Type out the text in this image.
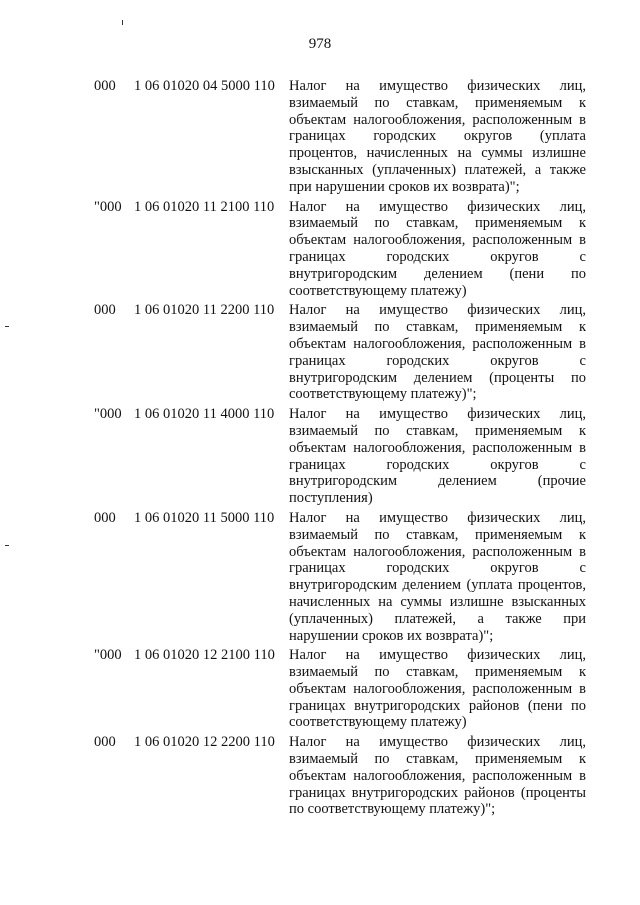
978
000 1 06 01020 04 5000 110 Налог на имущество физических лиц,
взимаемый по ставкам, применяемым к
объектам налогообложения, расположенным в
границах городских округов (уплата
процентов, начисленных на суммы излишне
взысканных (уплаченных) платежей, а также
при нарушении сроков их возврата)";
"000 1 06 01020 11 2100 110 Налог на имущество физических лиц,
взимаемый по ставкам, применяемым к
объектам налогообложения, расположенным в
границах городских округов с
внутригородским делением (пени по
соответствующему платежу)
000 1 06 01020 11 2200 110 Налог на имущество физических лиц,
взимаемый по ставкам, применяемым к
объектам налогообложения, расположенным в
границах городских округов с
внутригородским делением (проценты по
соответствующему платежу)";
"000 1 06 01020 11 4000 110 Налог на имущество физических лиц,
взимаемый по ставкам, применяемым к
объектам налогообложения, расположенным в
границах городских округов с
внутригородским делением (прочие
поступления)
000 1 06 01020 11 5000 110 Налог на имущество физических лиц,
взимаемый по ставкам, применяемым к
объектам налогообложения, расположенным в
границах городских округов с
внутригородским делением (уплата процентов,
начисленных на суммы излишне взысканных
(уплаченных) платежей, а также при
нарушении сроков их возврата)";
"000 1 06 01020 12 2100 110 Налог на имущество физических лиц,
взимаемый по ставкам, применяемым к
объектам налогообложения, расположенным в
границах внутригородских районов (пени по
соответствующему платежу)
000 1 06 01020 12 2200 110 Налог на имущество физических лиц,
взимаемый по ставкам, применяемым к
объектам налогообложения, расположенным в
границах внутригородских районов (проценты
по соответствующему платежу)";
